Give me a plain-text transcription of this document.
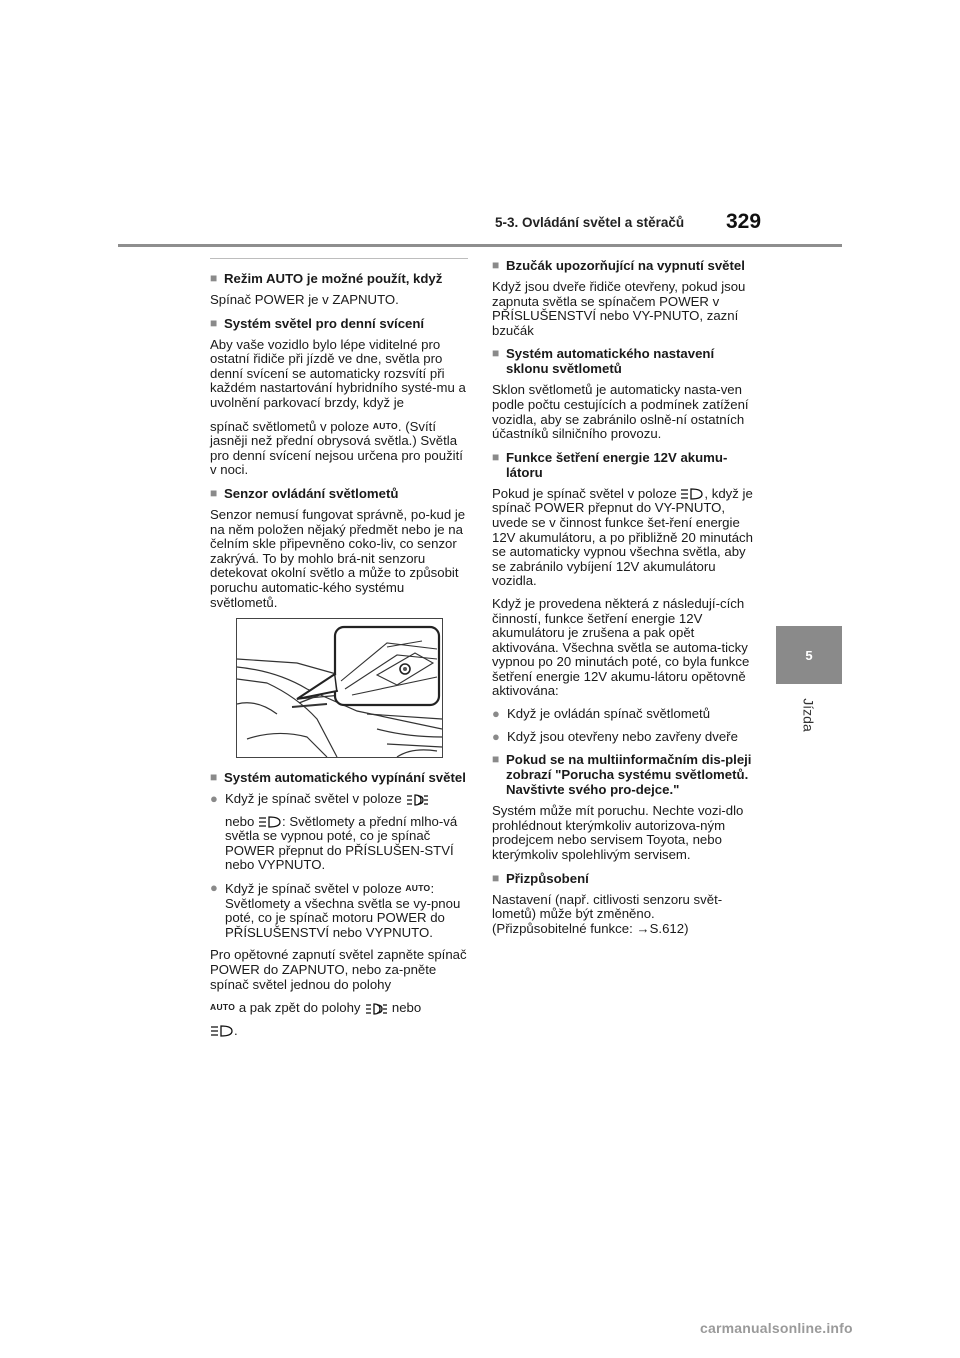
5-3. Ovládání světel a stěračů 329
5
Jízda
■ Režim AUTO je možné použít, když
Spínač POWER je v ZAPNUTO.
■ Systém světel pro denní svícení
Aby vaše vozidlo bylo lépe viditelné pro ostatní řidiče při jízdě ve dne, světla pro denní svícení se automaticky rozsvítí při každém nastartování hybridního systé-mu a uvolnění parkovací brzdy, když je
spínač světlometů v poloze AUTO. (Svítí jasněji než přední obrysová světla.) Světla pro denní svícení nejsou určena pro použití v noci.
■ Senzor ovládání světlometů
Senzor nemusí fungovat správně, po-kud je na něm položen nějaký předmět nebo je na čelním skle připevněno coko-liv, co senzor zakrývá. To by mohlo brá-nit senzoru detekovat okolní světlo a může to způsobit poruchu automatic-kého systému světlometů.
■ Systém automatického vypínání světel
● Když je spínač světel v poloze
nebo : Světlomety a přední mlho-vá světla se vypnou poté, co je spínač POWER přepnut do PŘÍSLUŠEN-STVÍ nebo VYPNUTO.
● Když je spínač světel v poloze AUTO: Světlomety a všechna světla se vy-pnou poté, co je spínač motoru POWER do PŘÍSLUŠENSTVÍ nebo VYPNUTO.
Pro opětovné zapnutí světel zapněte spínač POWER do ZAPNUTO, nebo za-pněte spínač světel jednou do polohy
AUTO a pak zpět do polohy nebo
.
■ Bzučák upozorňující na vypnutí světel
Když jsou dveře řidiče otevřeny, pokud jsou zapnuta světla se spínačem POWER v PŘÍSLUŠENSTVÍ nebo VY-PNUTO, zazní bzučák
■ Systém automatického nastavení sklonu světlometů
Sklon světlometů je automaticky nasta-ven podle počtu cestujících a podmínek zatížení vozidla, aby se zabránilo oslně-ní ostatních účastníků silničního provozu.
■ Funkce šetření energie 12V akumu-látoru
Pokud je spínač světel v poloze , když je spínač POWER přepnut do VY-PNUTO, uvede se v činnost funkce šet-ření energie 12V akumulátoru, a po přibližně 20 minutách se automaticky vypnou všechna světla, aby se zabránilo vybíjení 12V akumulátoru vozidla.
Když je provedena některá z následují-cích činností, funkce šetření energie 12V akumulátoru je zrušena a pak opět aktivována. Všechna světla se automa-ticky vypnou po 20 minutách poté, co byla funkce šetření energie 12V akumu-látoru opětovně aktivována:
● Když je ovládán spínač světlometů
● Když jsou otevřeny nebo zavřeny dveře
■ Pokud se na multiinformačním dis-pleji zobrazí "Porucha systému světlometů. Navštivte svého pro-dejce."
Systém může mít poruchu. Nechte vozi-dlo prohlédnout kterýmkoliv autorizova-ným prodejcem nebo servisem Toyota, nebo kterýmkoliv spolehlivým servisem.
■ Přizpůsobení
Nastavení (např. citlivosti senzoru svět-lometů) může být změněno.
(Přizpůsobitelné funkce: →S.612)
carmanualsonline.info
